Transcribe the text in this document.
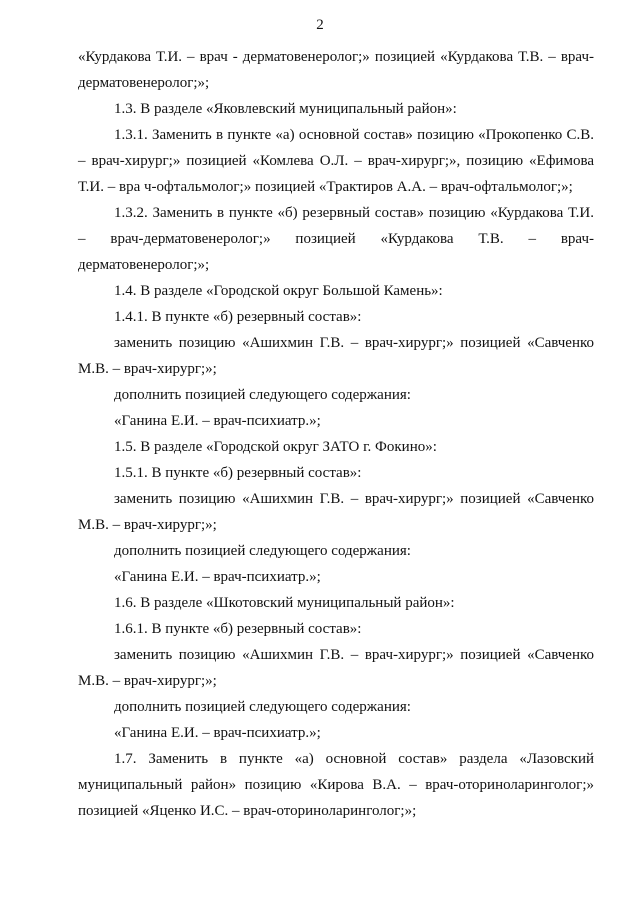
2

«Курдакова Т.И. – врач - дерматовенеролог;» позицией «Курдакова Т.В. – врач-дерматовенеролог;»;

1.3. В разделе «Яковлевский муниципальный район»:

1.3.1. Заменить в пункте «а) основной состав» позицию «Прокопенко С.В. – врач-хирург;» позицией «Комлева О.Л. – врач-хирург;», позицию «Ефимова Т.И. – вра ч-офтальмолог;» позицией «Трактиров А.А. – врач-офтальмолог;»;

1.3.2. Заменить в пункте «б) резервный состав» позицию «Курдакова Т.И. – врач-дерматовенеролог;» позицией «Курдакова Т.В. – врач-дерматовенеролог;»;

1.4. В разделе «Городской округ Большой Камень»:

1.4.1. В пункте «б) резервный состав»:

заменить позицию «Ашихмин Г.В. – врач-хирург;» позицией «Савченко М.В. – врач-хирург;»;

дополнить позицией следующего содержания:

«Ганина Е.И. – врач-психиатр.»;

1.5. В разделе «Городской округ ЗАТО г. Фокино»:

1.5.1. В пункте «б) резервный состав»:

заменить позицию «Ашихмин Г.В. – врач-хирург;» позицией «Савченко М.В. – врач-хирург;»;

дополнить позицией следующего содержания:

«Ганина Е.И. – врач-психиатр.»;

1.6. В разделе «Шкотовский муниципальный район»:

1.6.1. В пункте «б) резервный состав»:

заменить позицию «Ашихмин Г.В. – врач-хирург;» позицией «Савченко М.В. – врач-хирург;»;

дополнить позицией следующего содержания:

«Ганина Е.И. – врач-психиатр.»;

1.7. Заменить в пункте «а) основной состав» раздела «Лазовский муниципальный район» позицию «Кирова В.А. – врач-оториноларинголог;» позицией «Яценко И.С. – врач-оториноларинголог;»;
